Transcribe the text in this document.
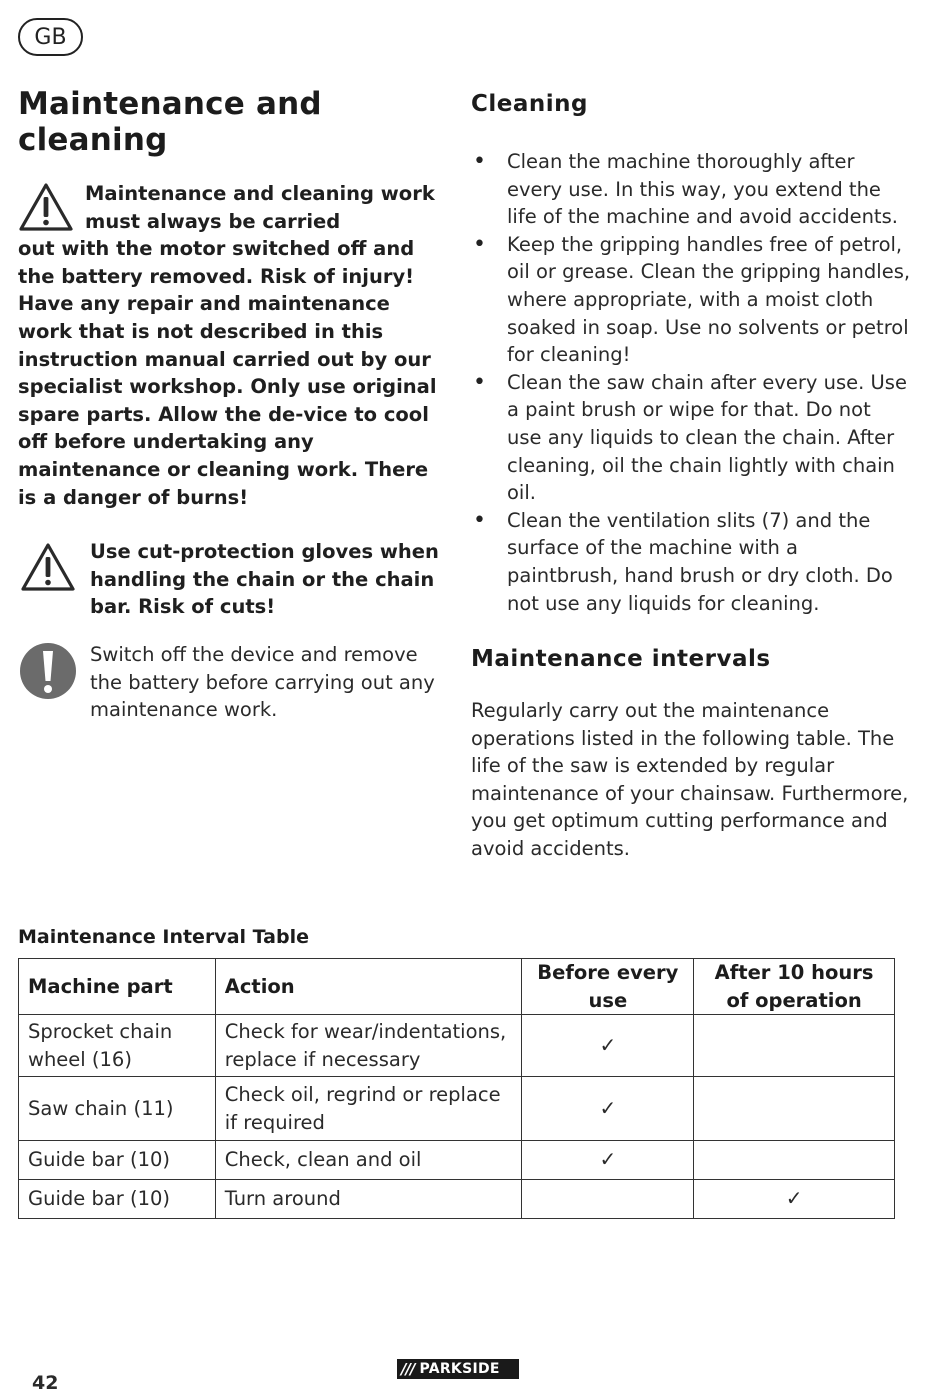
GB
Maintenance and cleaning
Maintenance and cleaning work must always be carried
out with the motor switched off and the battery removed. Risk of injury! Have any repair and maintenance work that is not described in this instruction manual carried out by our specialist workshop. Only use original spare parts. Allow the de-vice to cool off before undertaking any maintenance or cleaning work. There is a danger of burns!
Use cut-protection gloves when handling the chain or the chain bar. Risk of cuts!
Switch off the device and remove the battery before carrying out any maintenance work.
Cleaning
• Clean the machine thoroughly after every use. In this way, you extend the life of the machine and avoid accidents.
• Keep the gripping handles free of petrol, oil or grease. Clean the gripping handles, where appropriate, with a moist cloth soaked in soap. Use no solvents or petrol for cleaning!
• Clean the saw chain after every use. Use a paint brush or wipe for that. Do not use any liquids to clean the chain. After cleaning, oil the chain lightly with chain oil.
• Clean the ventilation slits (7) and the surface of the machine with a paintbrush, hand brush or dry cloth. Do not use any liquids for cleaning.
Maintenance intervals

Regularly carry out the maintenance operations listed in the following table. The life of the saw is extended by regular maintenance of your chainsaw. Furthermore, you get optimum cutting performance and avoid accidents.

Maintenance Interval Table
Machine part	Action	Before every use	After 10 hours of operation
Sprocket chain wheel (16)	Check for wear/indentations, replace if necessary	✓	
Saw chain (11)	Check oil, regrind or replace if required	✓	
Guide bar (10)	Check, clean and oil	✓	
Guide bar (10)	Turn around		✓
42
/// PARKSIDE
